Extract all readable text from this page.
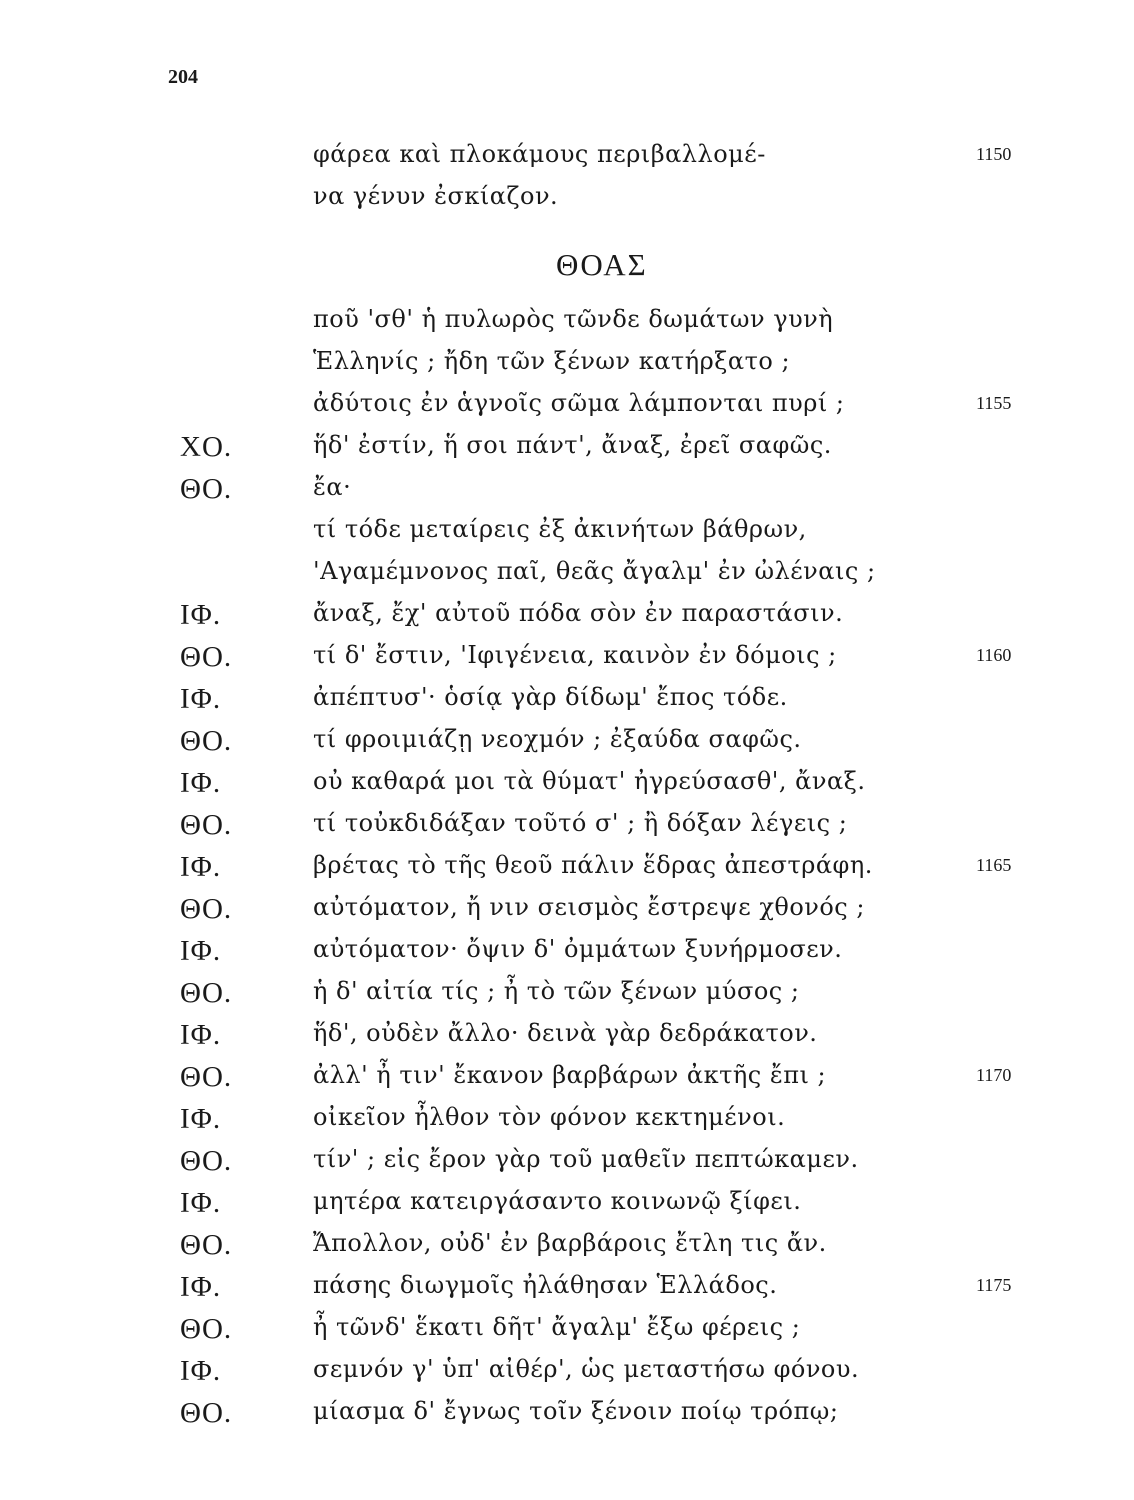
204
ΘΟΑΣ
φάρεα καὶ πλοκάμους περιβαλλομέ-	1150
να γένυν ἐσκίαζον.
ποῦ 'σθ' ἡ πυλωρὸς τῶνδε δωμάτων γυνὴ
Ἑλληνίς ; ἤδη τῶν ξένων κατήρξατο ;
ἀδύτοις ἐν ἁγνοῖς σῶμα λάμπονται πυρί ;	1155
ΧΟ.	ἥδ' ἐστίν, ἥ σοι πάντ', ἄναξ, ἐρεῖ σαφῶς.
ΘΟ.	ἔα·
τί τόδε μεταίρεις ἐξ ἀκινήτων βάθρων,
'Αγαμέμνονος παῖ, θεᾶς ἄγαλμ' ἐν ὠλέναις ;
ΙΦ.	ἄναξ, ἔχ' αὐτοῦ πόδα σὸν ἐν παραστάσιν.
ΘΟ.	τί δ' ἔστιν, 'Ιφιγένεια, καινὸν ἐν δόμοις ;	1160
ΙΦ.	ἀπέπτυσ'· ὁσίᾳ γὰρ δίδωμ' ἔπος τόδε.
ΘΟ.	τί φροιμιάζῃ νεοχμόν ; ἐξαύδα σαφῶς.
ΙΦ.	οὐ καθαρά μοι τὰ θύματ' ἠγρεύσασθ', ἄναξ.
ΘΟ.	τί τοὐκδιδάξαν τοῦτό σ' ; ἢ δόξαν λέγεις ;
ΙΦ.	βρέτας τὸ τῆς θεοῦ πάλιν ἕδρας ἀπεστράφη.	1165
ΘΟ.	αὐτόματον, ἤ νιν σεισμὸς ἔστρεψε χθονός ;
ΙΦ.	αὐτόματον· ὄψιν δ' ὀμμάτων ξυνήρμοσεν.
ΘΟ.	ἡ δ' αἰτία τίς ; ἦ τὸ τῶν ξένων μύσος ;
ΙΦ.	ἥδ', οὐδὲν ἄλλο· δεινὰ γὰρ δεδράκατον.
ΘΟ.	ἀλλ' ἦ τιν' ἔκανον βαρβάρων ἀκτῆς ἔπι ;	1170
ΙΦ.	οἰκεῖον ἦλθον τὸν φόνον κεκτημένοι.
ΘΟ.	τίν' ; εἰς ἔρον γὰρ τοῦ μαθεῖν πεπτώκαμεν.
ΙΦ.	μητέρα κατειργάσαντο κοινωνῷ ξίφει.
ΘΟ.	Ἄπολλον, οὐδ' ἐν βαρβάροις ἔτλη τις ἄν.
ΙΦ.	πάσης διωγμοῖς ἠλάθησαν Ἑλλάδος.	1175
ΘΟ.	ἦ τῶνδ' ἕκατι δῆτ' ἄγαλμ' ἔξω φέρεις ;
ΙΦ.	σεμνόν γ' ὑπ' αἰθέρ', ὡς μεταστήσω φόνου.
ΘΟ.	μίασμα δ' ἔγνως τοῖν ξένοιν ποίῳ τρόπῳ;
